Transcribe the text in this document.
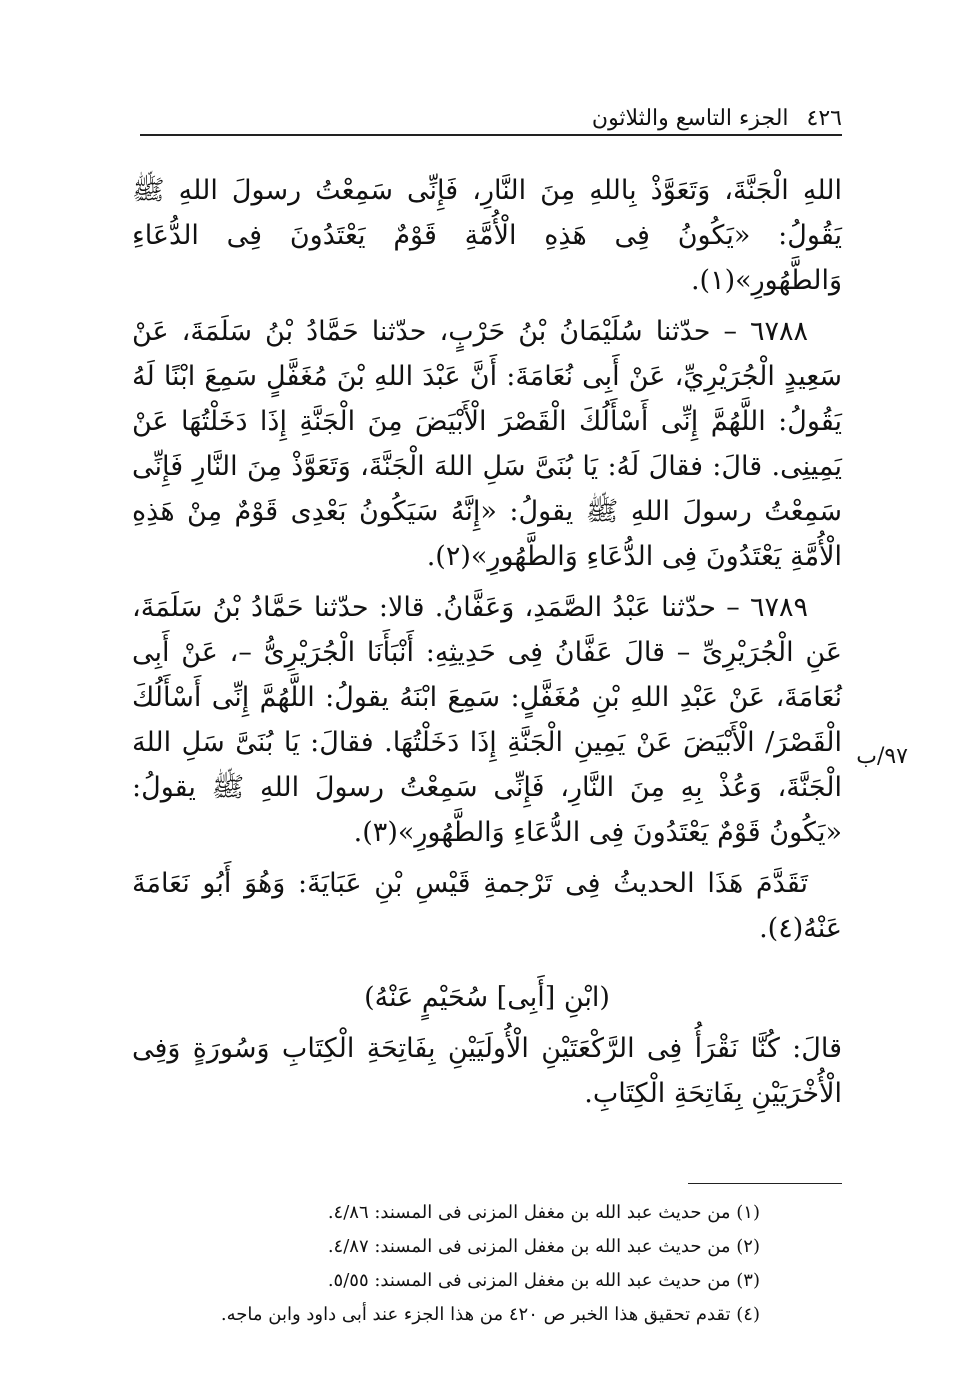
٤٢٦
الجزء التاسع والثلاثون

اللهِ الْجَنَّةَ، وَتَعَوَّذْ بِاللهِ مِنَ النَّارِ، فَإِنِّى سَمِعْتُ رسولَ اللهِ ﷺ يَقُولُ: «يَكُونُ فِى هَذِهِ الْأُمَّةِ قَوْمٌ يَعْتَدُونَ فِى الدُّعَاءِ وَالطَّهُورِ»(١).

٦٧٨٨ – حدّثنا سُلَيْمَانُ بْنُ حَرْبٍ، حدّثنا حَمَّادُ بْنُ سَلَمَةَ، عَنْ سَعِيدٍ الْجُرَيْرِيِّ، عَنْ أَبِى نُعَامَةَ: أَنَّ عَبْدَ اللهِ بْنَ مُغَفَّلٍ سَمِعَ ابْنًا لَهُ يَقُولُ: اللَّهُمَّ إِنِّى أَسْأَلُكَ الْقَصْرَ الْأَبْيَضَ مِنَ الْجَنَّةِ إِذَا دَخَلْتُهَا عَنْ يَمِينِى. قالَ: فقالَ لَهُ: يَا بُنَىَّ سَلِ اللهَ الْجَنَّةَ، وَتَعَوَّذْ مِنَ النَّارِ فَإِنِّى سَمِعْتُ رسولَ اللهِ ﷺ يقولُ: «إِنَّهُ سَيَكُونُ بَعْدِى قَوْمٌ مِنْ هَذِهِ الْأُمَّةِ يَعْتَدُونَ فِى الدُّعَاءِ وَالطَّهُورِ»(٢).

٦٧٨٩ – حدّثنا عَبْدُ الصَّمَدِ، وَعَفَّانُ. قالا: حدّثنا حَمَّادُ بْنُ سَلَمَةَ، عَنِ الْجُرَيْرِىِّ – قالَ عَفَّانُ فِى حَدِيثِهِ: أَنْبَأَنَا الْجُرَيْرِىُّ –، عَنْ أَبِى نُعَامَةَ، عَنْ عَبْدِ اللهِ بْنِ مُغَفَّلٍ: سَمِعَ ابْنَهُ يقولُ: اللَّهُمَّ إِنِّى أَسْأَلُكَ الْقَصْرَ/ الْأَبْيَضَ عَنْ يَمِينِ الْجَنَّةِ إِذَا دَخَلْتُهَا. فقالَ: يَا بُنَىَّ سَلِ اللهَ الْجَنَّةَ، وَعُذْ بِهِ مِنَ النَّارِ، فَإِنِّى سَمِعْتُ رسولَ اللهِ ﷺ يقولُ: «يَكُونُ قَوْمٌ يَعْتَدُونَ فِى الدُّعَاءِ وَالطَّهُورِ»(٣).

تَقَدَّمَ هَذَا الحديثُ فِى تَرْجمةِ قَيْسِ بْنِ عَبَايَةَ: وَهُوَ أَبُو نَعَامَةَ عَنْهُ(٤).

(ابْنِ [أَبِى] سُحَيْمٍ عَنْهُ)

قالَ: كُنَّا نَقْرَأُ فِى الرَّكْعَتَيْنِ الْأُولَيَيْنِ بِفَاتِحَةِ الْكِتَابِ وَسُورَةٍ وَفِى الْأُخْرَيَيْنِ بِفَاتِحَةِ الْكِتَابِ.

٩٧/ب

(١) من حديث عبد الله بن مغفل المزنى فى المسند: ٤/٨٦.

(٢) من حديث عبد الله بن مغفل المزنى فى المسند: ٤/٨٧.

(٣) من حديث عبد الله بن مغفل المزنى فى المسند: ٥/٥٥.

(٤) تقدم تحقيق هذا الخبر ص ٤٢٠ من هذا الجزء عند أبى داود وابن ماجه.
